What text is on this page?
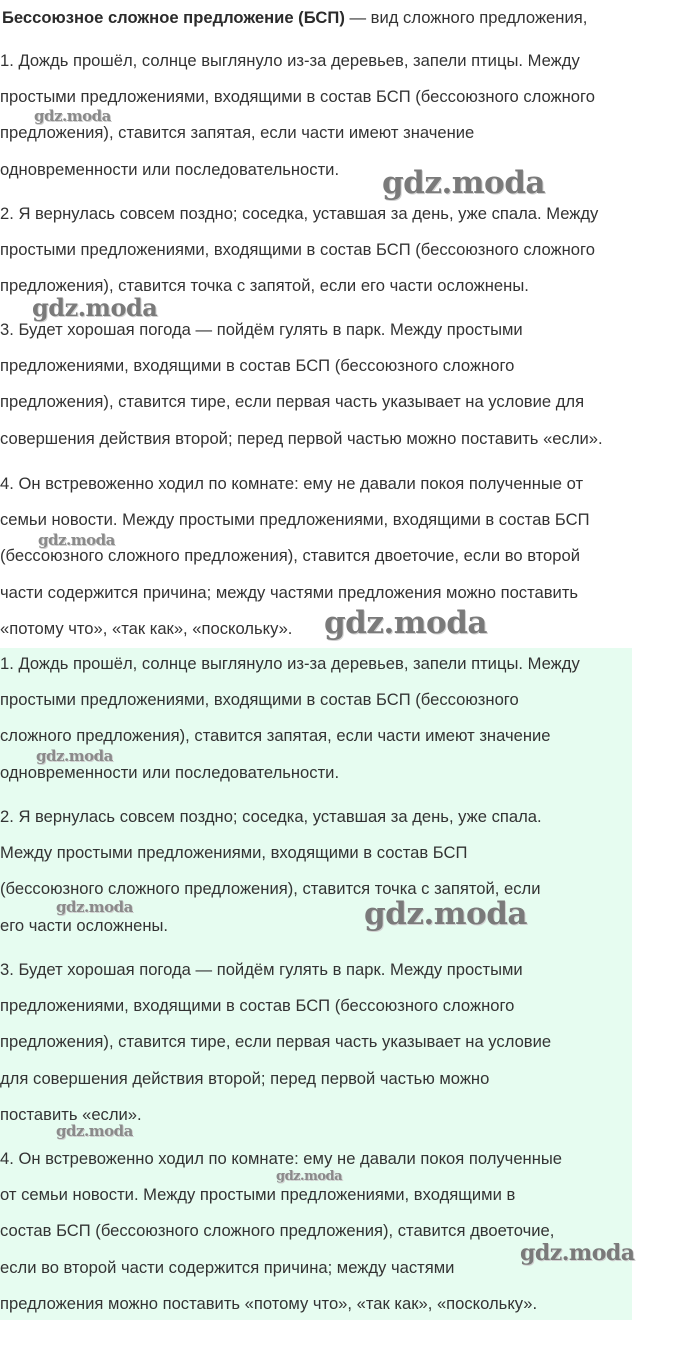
Бессоюзное сложное предложение (БСП) — вид сложного предложения,
1. Дождь прошёл, солнце выглянуло из-за деревьев, запели птицы. Между
простыми предложениями, входящими в состав БСП (бессоюзного сложного
предложения), ставится запятая, если части имеют значение
одновременности или последовательности.
2. Я вернулась совсем поздно; соседка, уставшая за день, уже спала. Между
простыми предложениями, входящими в состав БСП (бессоюзного сложного
предложения), ставится точка с запятой, если его части осложнены.
3. Будет хорошая погода — пойдём гулять в парк. Между простыми
предложениями, входящими в состав БСП (бессоюзного сложного
предложения), ставится тире, если первая часть указывает на условие для
совершения действия второй; перед первой частью можно поставить «если».
4. Он встревоженно ходил по комнате: ему не давали покоя полученные от
семьи новости. Между простыми предложениями, входящими в состав БСП
(бессоюзного сложного предложения), ставится двоеточие, если во второй
части содержится причина; между частями предложения можно поставить
«потому что», «так как», «поскольку».
1. Дождь прошёл, солнце выглянуло из-за деревьев, запели птицы. Между
простыми предложениями, входящими в состав БСП (бессоюзного
сложного предложения), ставится запятая, если части имеют значение
одновременности или последовательности.
2. Я вернулась совсем поздно; соседка, уставшая за день, уже спала.
Между простыми предложениями, входящими в состав БСП
(бессоюзного сложного предложения), ставится точка с запятой, если
его части осложнены.
3. Будет хорошая погода — пойдём гулять в парк. Между простыми
предложениями, входящими в состав БСП (бессоюзного сложного
предложения), ставится тире, если первая часть указывает на условие
для совершения действия второй; перед первой частью можно
поставить «если».
4. Он встревоженно ходил по комнате: ему не давали покоя полученные
от семьи новости. Между простыми предложениями, входящими в
состав БСП (бессоюзного сложного предложения), ставится двоеточие,
если во второй части содержится причина; между частями
предложения можно поставить «потому что», «так как», «поскольку».
gdz.moda
gdz.moda
gdz.moda
gdz.moda
gdz.moda
gdz.moda
gdz.moda	gdz.moda
gdz.moda
gdz.moda
gdz.moda
